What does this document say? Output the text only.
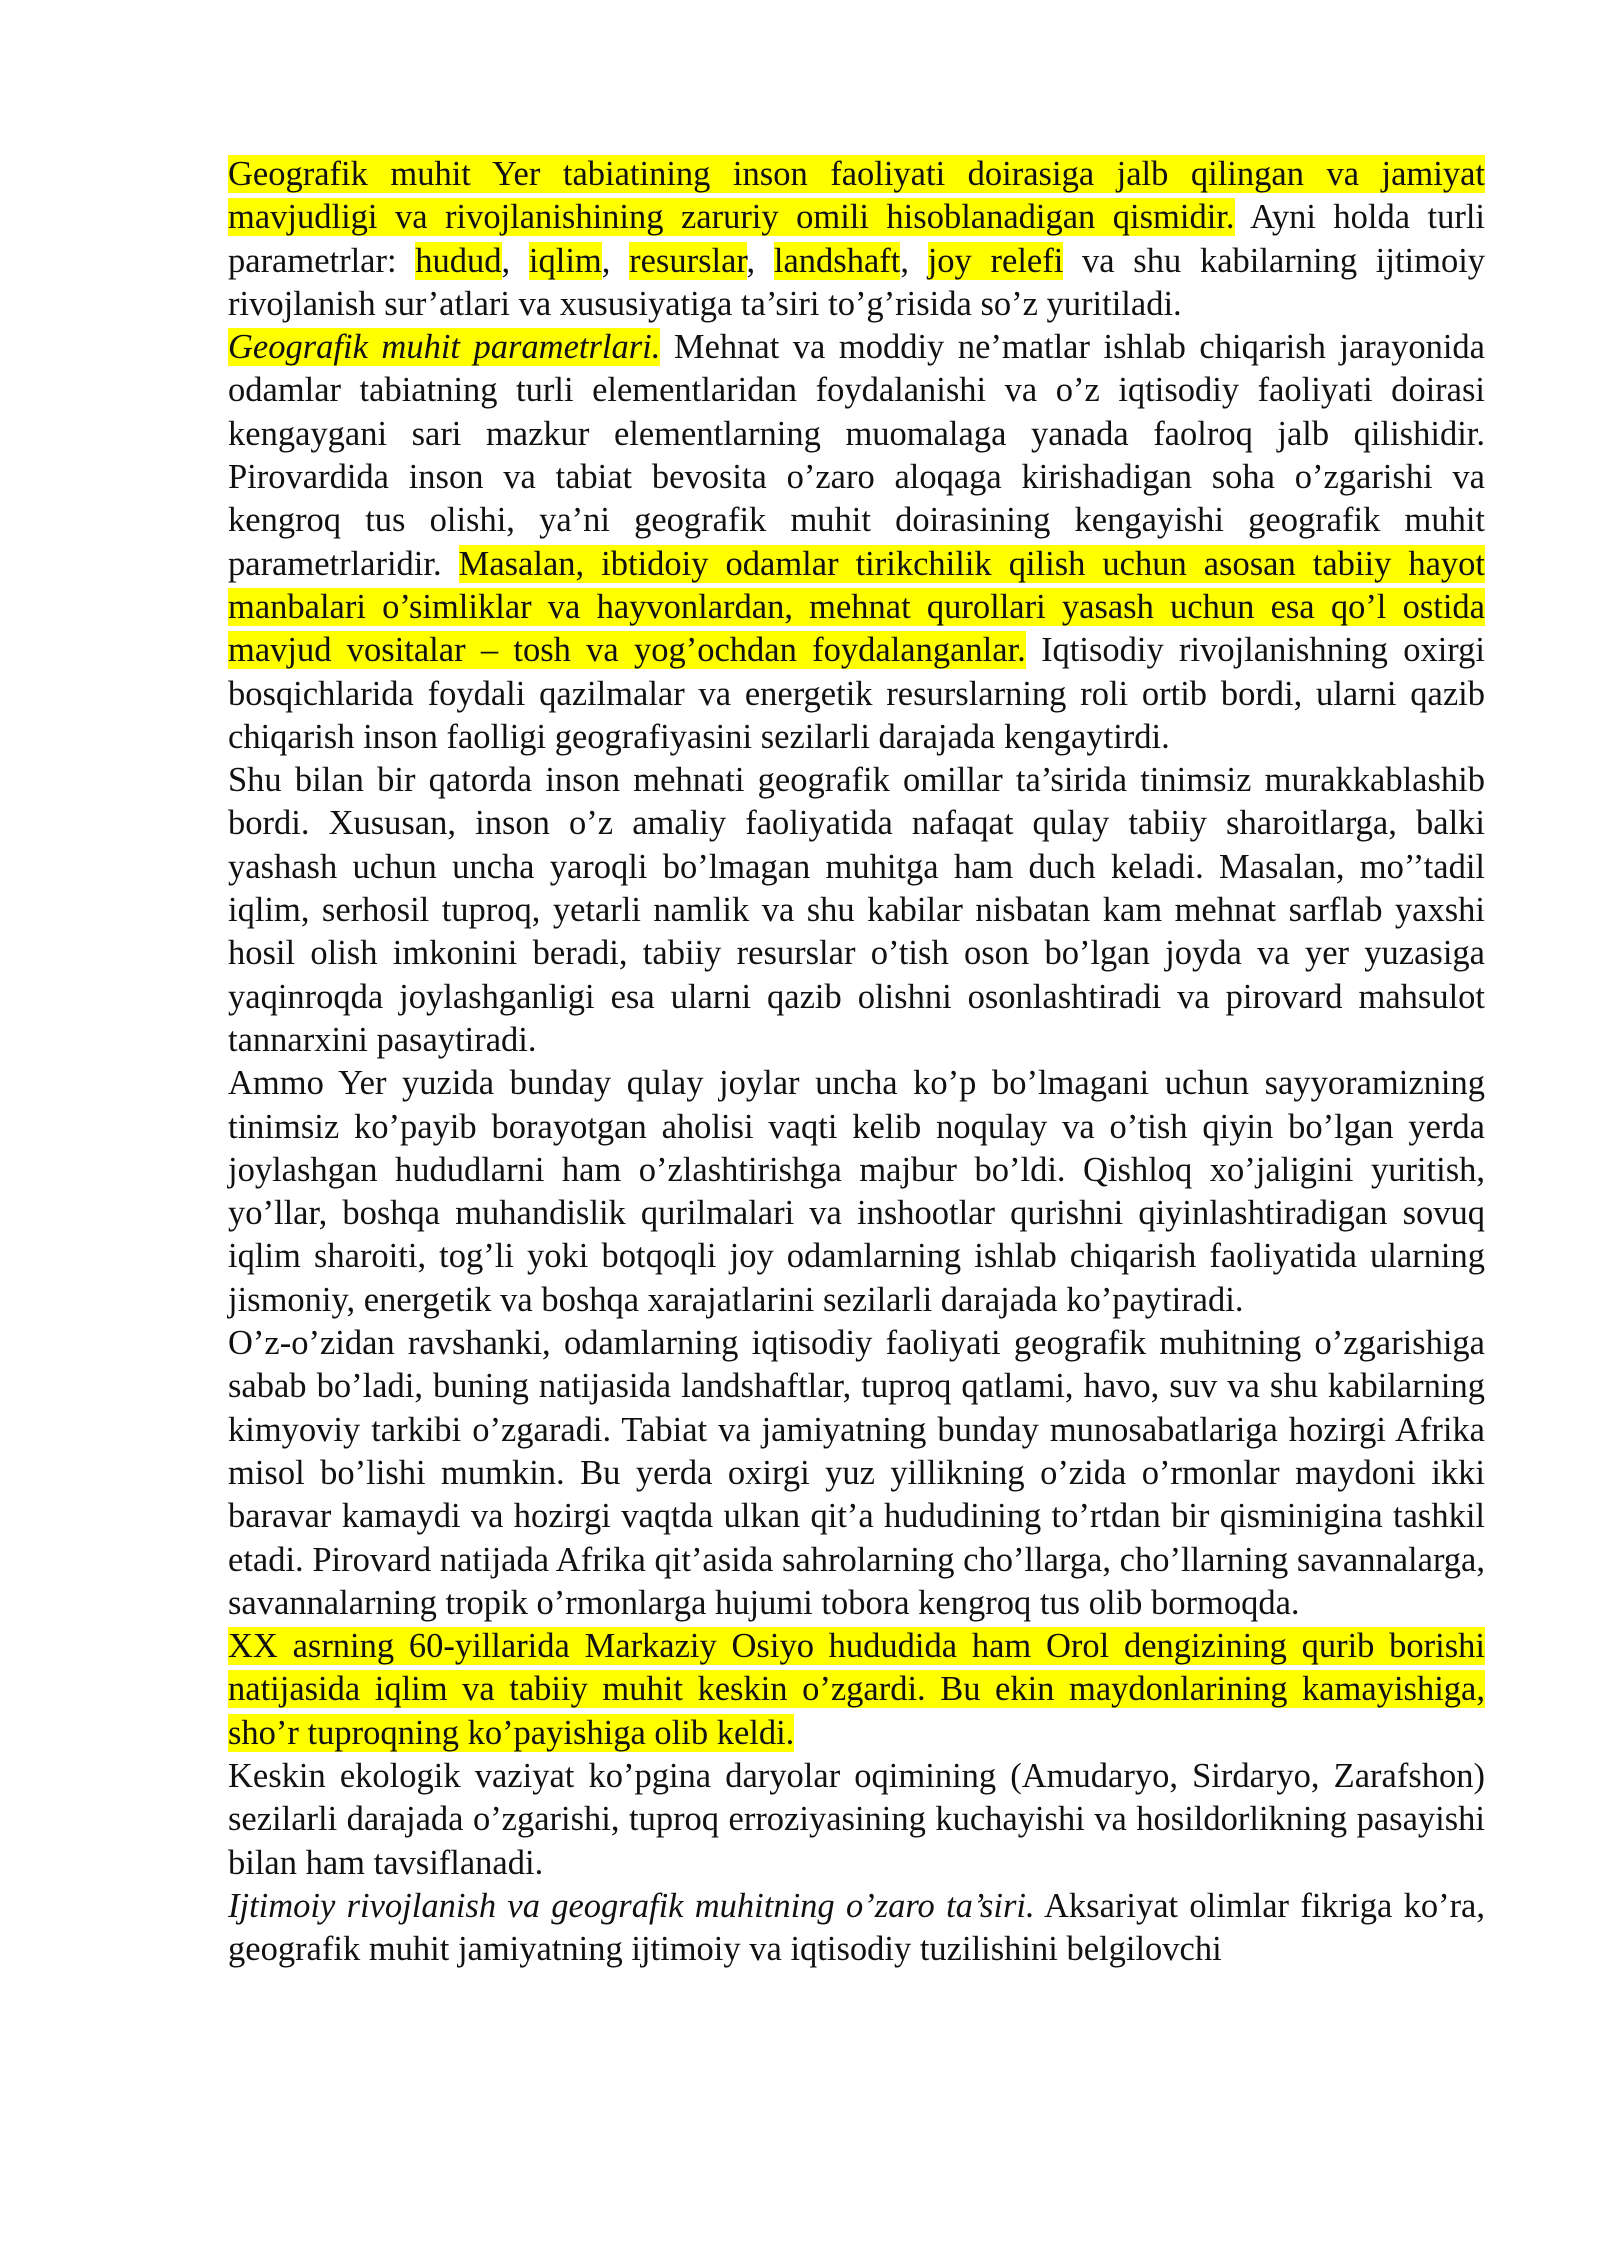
Geografik muhit Yer tabiatining inson faoliyati doirasiga jalb qilingan va jamiyat mavjudligi va rivojlanishining zaruriy omili hisoblanadigan qismidir. Ayni holda turli parametrlar: hudud, iqlim, resurslar, landshaft, joy relefi va shu kabilarning ijtimoiy rivojlanish sur’atlari va xususiyatiga ta’siri to’g’risida so’z yuritiladi.

Geografik muhit parametrlari. Mehnat va moddiy ne’matlar ishlab chiqarish jarayonida odamlar tabiatning turli elementlaridan foydalanishi va o’z iqtisodiy faoliyati doirasi kengaygani sari mazkur elementlarning muomalaga yanada faolroq jalb qilishidir. Pirovardida inson va tabiat bevosita o’zaro aloqaga kirishadigan soha o’zgarishi va kengroq tus olishi, ya’ni geografik muhit doirasining kengayishi geografik muhit parametrlaridir. Masalan, ibtidoiy odamlar tirikchilik qilish uchun asosan tabiiy hayot manbalari o’simliklar va hayvonlardan, mehnat qurollari yasash uchun esa qo’l ostida mavjud vositalar – tosh va yog’ochdan foydalanganlar. Iqtisodiy rivojlanishning oxirgi bosqichlarida foydali qazilmalar va energetik resurslarning roli ortib bordi, ularni qazib chiqarish inson faolligi geografiyasini sezilarli darajada kengaytirdi.

Shu bilan bir qatorda inson mehnati geografik omillar ta’sirida tinimsiz murakkablashib bordi. Xususan, inson o’z amaliy faoliyatida nafaqat qulay tabiiy sharoitlarga, balki yashash uchun uncha yaroqli bo’lmagan muhitga ham duch keladi. Masalan, mo’’tadil iqlim, serhosil tuproq, yetarli namlik va shu kabilar nisbatan kam mehnat sarflab yaxshi hosil olish imkonini beradi, tabiiy resurslar o’tish oson bo’lgan joyda va yer yuzasiga yaqinroqda joylashganligi esa ularni qazib olishni osonlashtiradi va pirovard mahsulot tannarxini pasaytiradi.

Ammo Yer yuzida bunday qulay joylar uncha ko’p bo’lmagani uchun sayyoramizning tinimsiz ko’payib borayotgan aholisi vaqti kelib noqulay va o’tish qiyin bo’lgan yerda joylashgan hududlarni ham o’zlashtirishga majbur bo’ldi. Qishloq xo’jaligini yuritish, yo’llar, boshqa muhandislik qurilmalari va inshootlar qurishni qiyinlashtiradigan sovuq iqlim sharoiti, tog’li yoki botqoqli joy odamlarning ishlab chiqarish faoliyatida ularning jismoniy, energetik va boshqa xarajatlarini sezilarli darajada ko’paytiradi.

O’z-o’zidan ravshanki, odamlarning iqtisodiy faoliyati geografik muhitning o’zgarishiga sabab bo’ladi, buning natijasida landshaftlar, tuproq qatlami, havo, suv va shu kabilarning kimyoviy tarkibi o’zgaradi. Tabiat va jamiyatning bunday munosabatlariga hozirgi Afrika misol bo’lishi mumkin. Bu yerda oxirgi yuz yillikning o’zida o’rmonlar maydoni ikki baravar kamaydi va hozirgi vaqtda ulkan qit’a hududining to’rtdan bir qisminigina tashkil etadi. Pirovard natijada Afrika qit’asida sahrolarning cho’llarga, cho’llarning savannalarga, savannalarning tropik o’rmonlarga hujumi tobora kengroq tus olib bormoqda.

XX asrning 60-yillarida Markaziy Osiyo hududida ham Orol dengizining qurib borishi natijasida iqlim va tabiiy muhit keskin o’zgardi. Bu ekin maydonlarining kamayishiga, sho’r tuproqning ko’payishiga olib keldi.

Keskin ekologik vaziyat ko’pgina daryolar oqimining (Amudaryo, Sirdaryo, Zarafshon) sezilarli darajada o’zgarishi, tuproq erroziyasining kuchayishi va hosildorlikning pasayishi bilan ham tavsiflanadi.

Ijtimoiy rivojlanish va geografik muhitning o’zaro ta’siri. Aksariyat olimlar fikriga ko’ra, geografik muhit jamiyatning ijtimoiy va iqtisodiy tuzilishini belgilovchi
